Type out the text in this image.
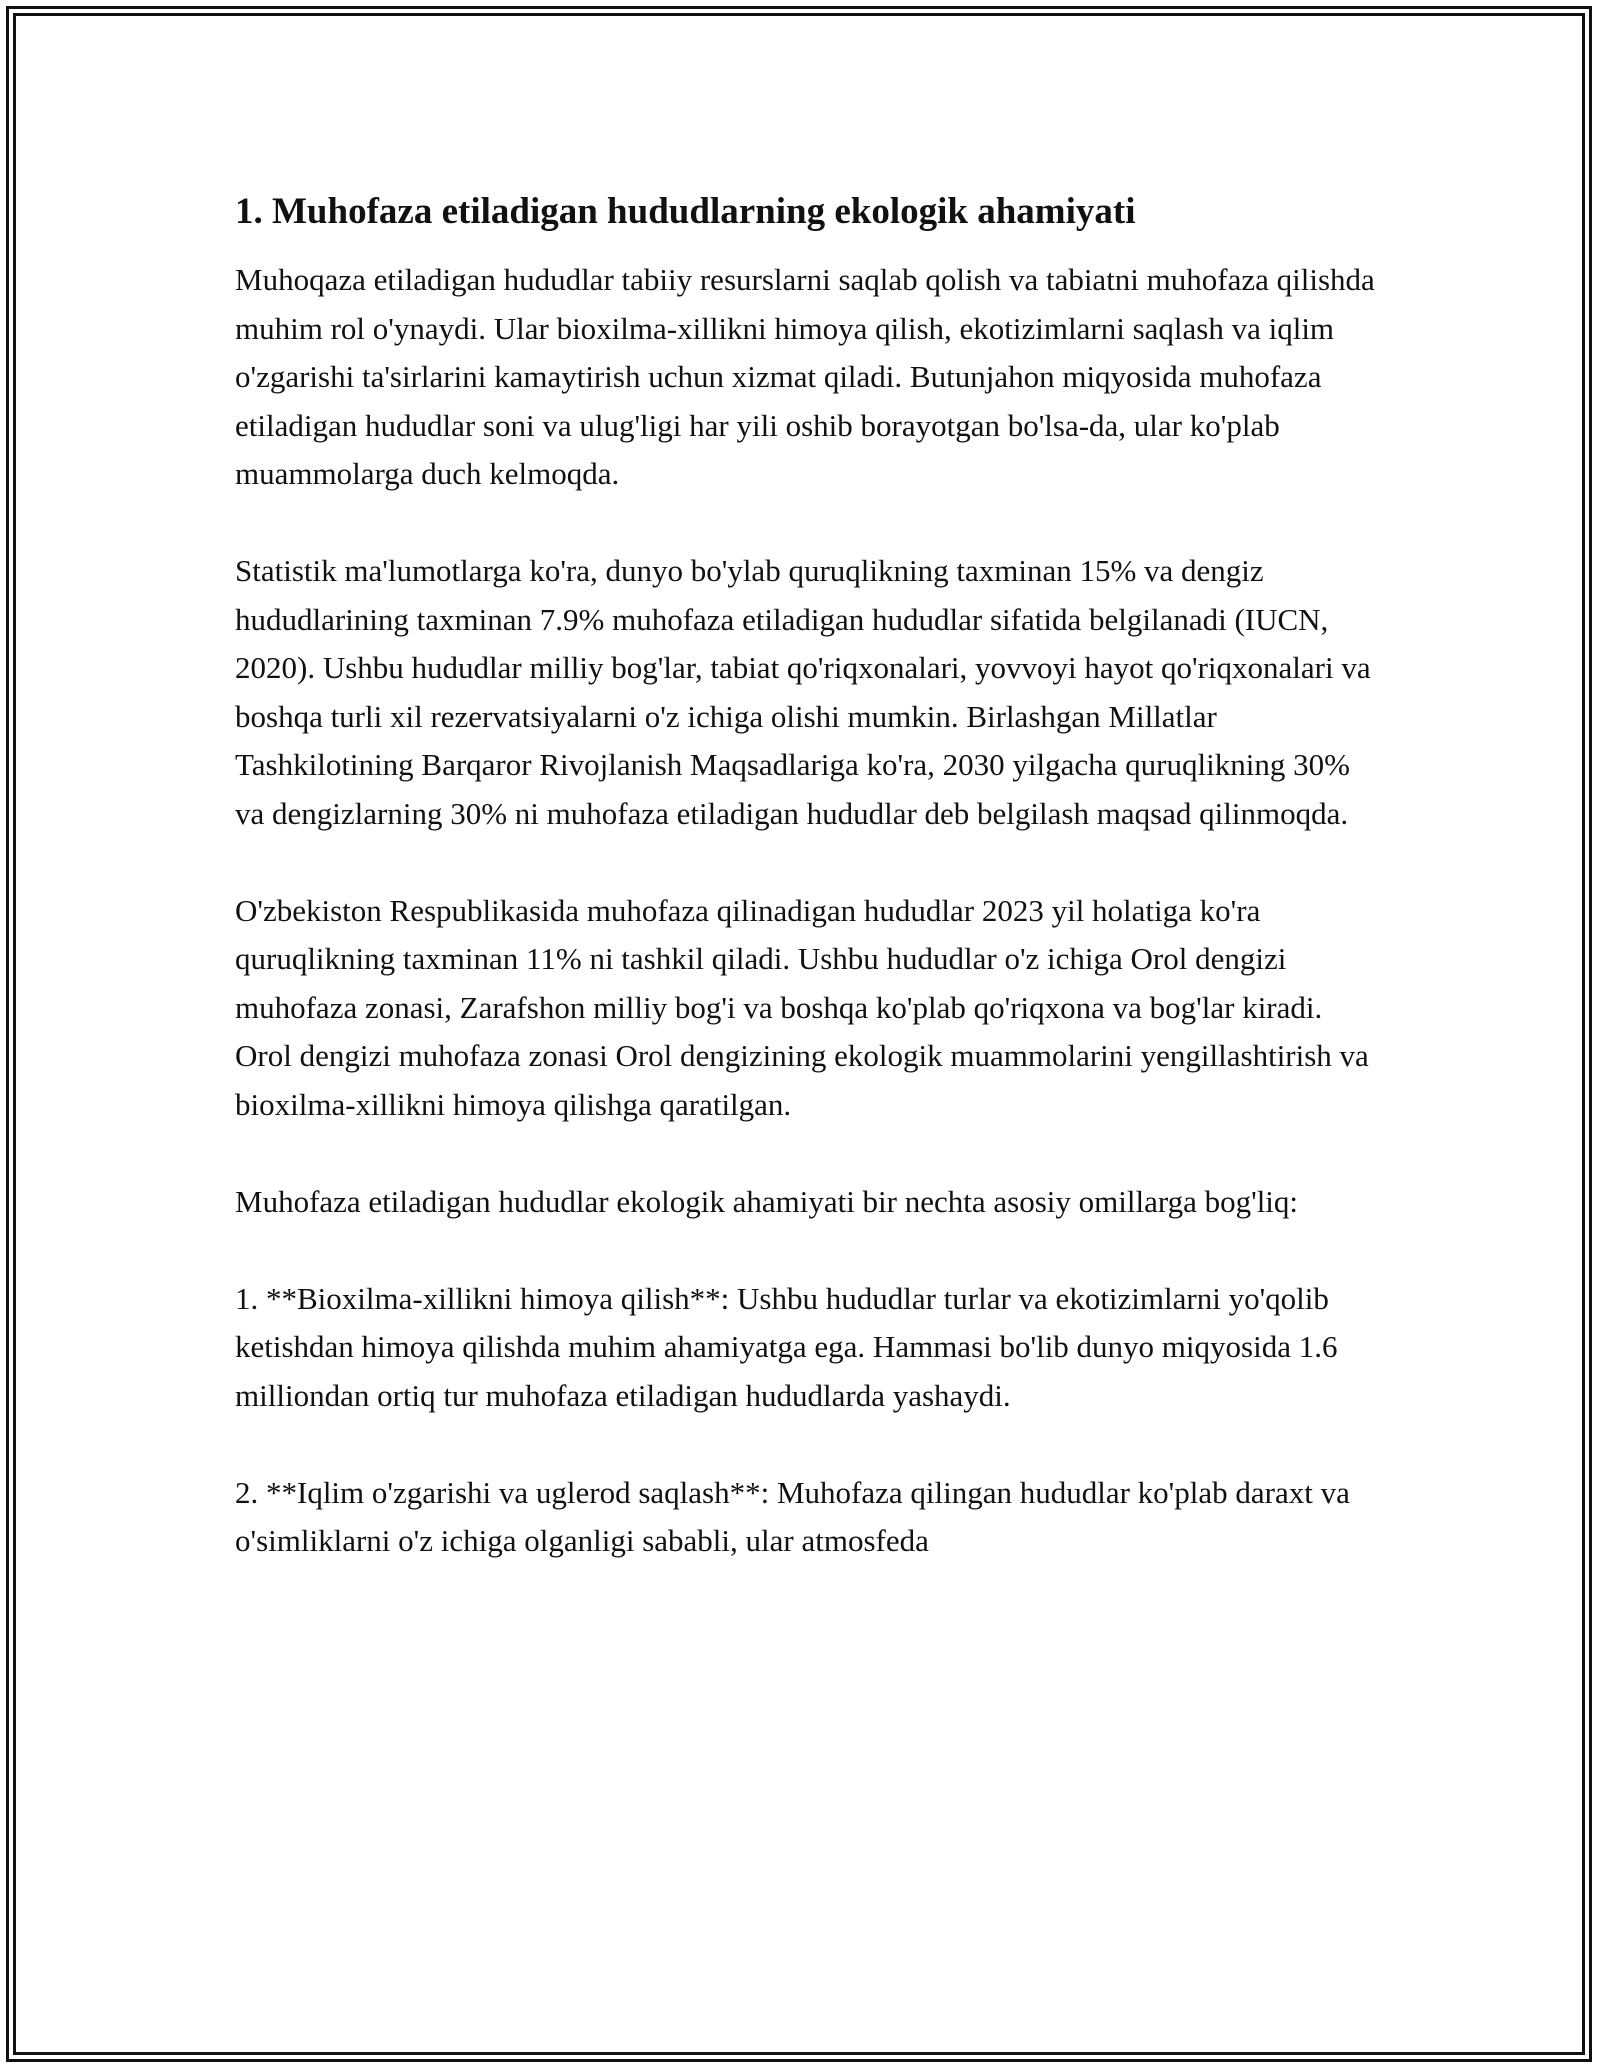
1. Muhofaza etiladigan hududlarning ekologik ahamiyati

Muhoqaza etiladigan hududlar tabiiy resurslarni saqlab qolish va tabiatni muhofaza qilishda muhim rol o'ynaydi. Ular bioxilma-xillikni himoya qilish, ekotizimlarni saqlash va iqlim o'zgarishi ta'sirlarini kamaytirish uchun xizmat qiladi. Butunjahon miqyosida muhofaza etiladigan hududlar soni va ulug'ligi har yili oshib borayotgan bo'lsa-da, ular ko'plab muammolarga duch kelmoqda.

Statistik ma'lumotlarga ko'ra, dunyo bo'ylab quruqlikning taxminan 15% va dengiz hududlarining taxminan 7.9% muhofaza etiladigan hududlar sifatida belgilanadi (IUCN, 2020). Ushbu hududlar milliy bog'lar, tabiat qo'riqxonalari, yovvoyi hayot qo'riqxonalari va boshqa turli xil rezervatsiyalarni o'z ichiga olishi mumkin. Birlashgan Millatlar Tashkilotining Barqaror Rivojlanish Maqsadlariga ko'ra, 2030 yilgacha quruqlikning 30% va dengizlarning 30% ni muhofaza etiladigan hududlar deb belgilash maqsad qilinmoqda.

O'zbekiston Respublikasida muhofaza qilinadigan hududlar 2023 yil holatiga ko'ra quruqlikning taxminan 11% ni tashkil qiladi. Ushbu hududlar o'z ichiga Orol dengizi muhofaza zonasi, Zarafshon milliy bog'i va boshqa ko'plab qo'riqxona va bog'lar kiradi. Orol dengizi muhofaza zonasi Orol dengizining ekologik muammolarini yengillashtirish va bioxilma-xillikni himoya qilishga qaratilgan.

Muhofaza etiladigan hududlar ekologik ahamiyati bir nechta asosiy omillarga bog'liq:

1. **Bioxilma-xillikni himoya qilish**: Ushbu hududlar turlar va ekotizimlarni yo'qolib ketishdan himoya qilishda muhim ahamiyatga ega. Hammasi bo'lib dunyo miqyosida 1.6 milliondan ortiq tur muhofaza etiladigan hududlarda yashaydi.

2. **Iqlim o'zgarishi va uglerod saqlash**: Muhofaza qilingan hududlar ko'plab daraxt va o'simliklarni o'z ichiga olganligi sababli, ular atmosfeda
